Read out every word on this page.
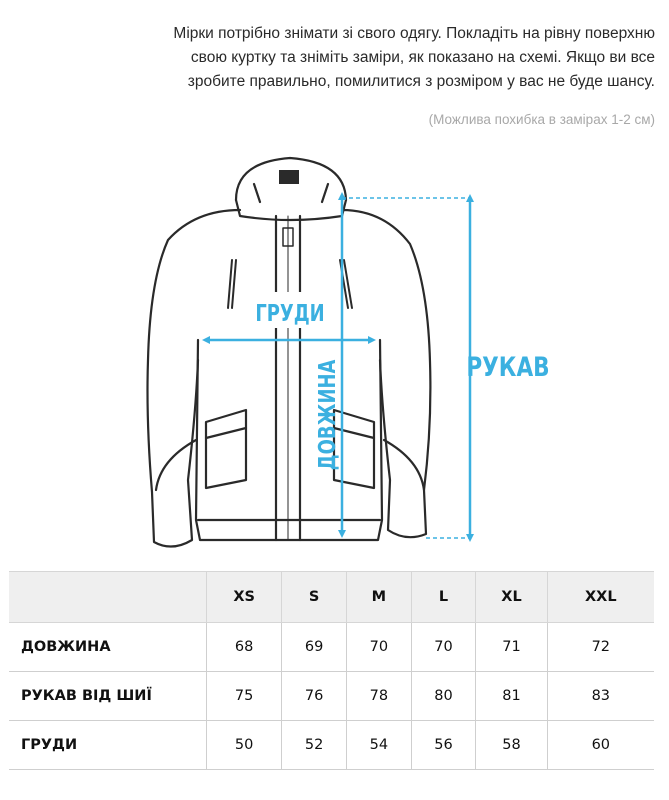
Мірки потрібно знімати зі свого одягу. Покладіть на рівну поверхню
свою куртку та зніміть заміри, як показано на схемі. Якщо ви все
зробите правильно, помилитися з розміром у вас не буде шансу.
(Можлива похибка в замірах 1-2 см)
ГРУДИ
ДОВЖИНА	РУКАВ
	XS	S	M	L	XL	XXL
ДОВЖИНА	68	69	70	70	71	72
РУКАВ ВІД ШИЇ	75	76	78	80	81	83
ГРУДИ	50	52	54	56	58	60
